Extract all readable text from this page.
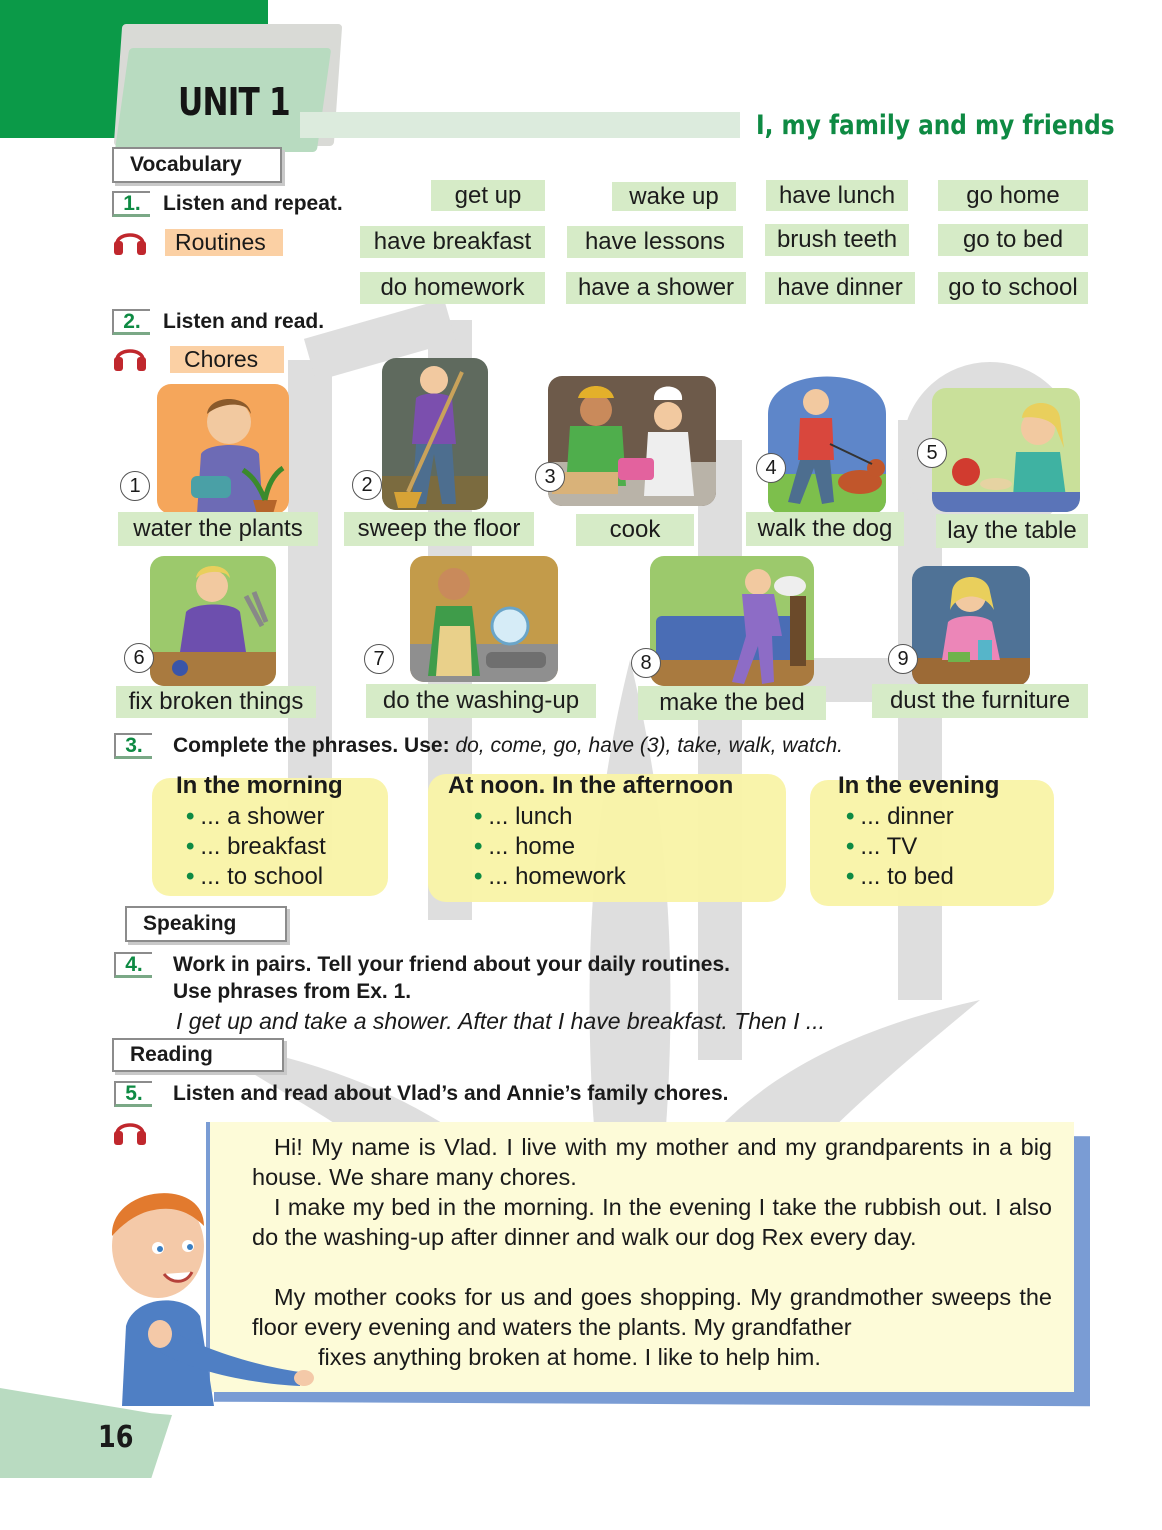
UNIT 1
I, my family and my friends
Vocabulary
1.	Listen and repeat.
Routines
get up	wake up	have lunch	go home
have breakfast	have lessons	brush teeth	go to bed
do homework	have a shower	have dinner	go to school
2.	Listen and read.
Chores
1	2	3	4
5
water the plants	sweep the floor	cook	walk the dog	lay the table
6	7	8	9
fix broken things	do the washing-up	make the bed	dust the furniture
3.	Complete the phrases. Use: do, come, go, have (3), take, walk, watch.
In the morning
• ... a shower
• ... breakfast
• ... to school
At noon. In the afternoon
• ... lunch
• ... home
• ... homework
In the evening
• ... dinner
• ... TV
• ... to bed
Speaking
4.	Work in pairs. Tell your friend about your daily routines.
Use phrases from Ex. 1.
I get up and take a shower. After that I have breakfast. Then I ...
Reading
5.	Listen and read about Vlad’s and Annie’s family chores.
Hi! My name is Vlad. I live with my mother and my grandparents in a big house. We share many chores.
I make my bed in the morning. In the evening I take the rubbish out. I also do the washing-up after dinner and walk our dog Rex every day.
My mother cooks for us and goes shopping. My grandmother sweeps the floor every evening and waters the plants. My grandfather
fixes anything broken at home. I like to help him.
16
